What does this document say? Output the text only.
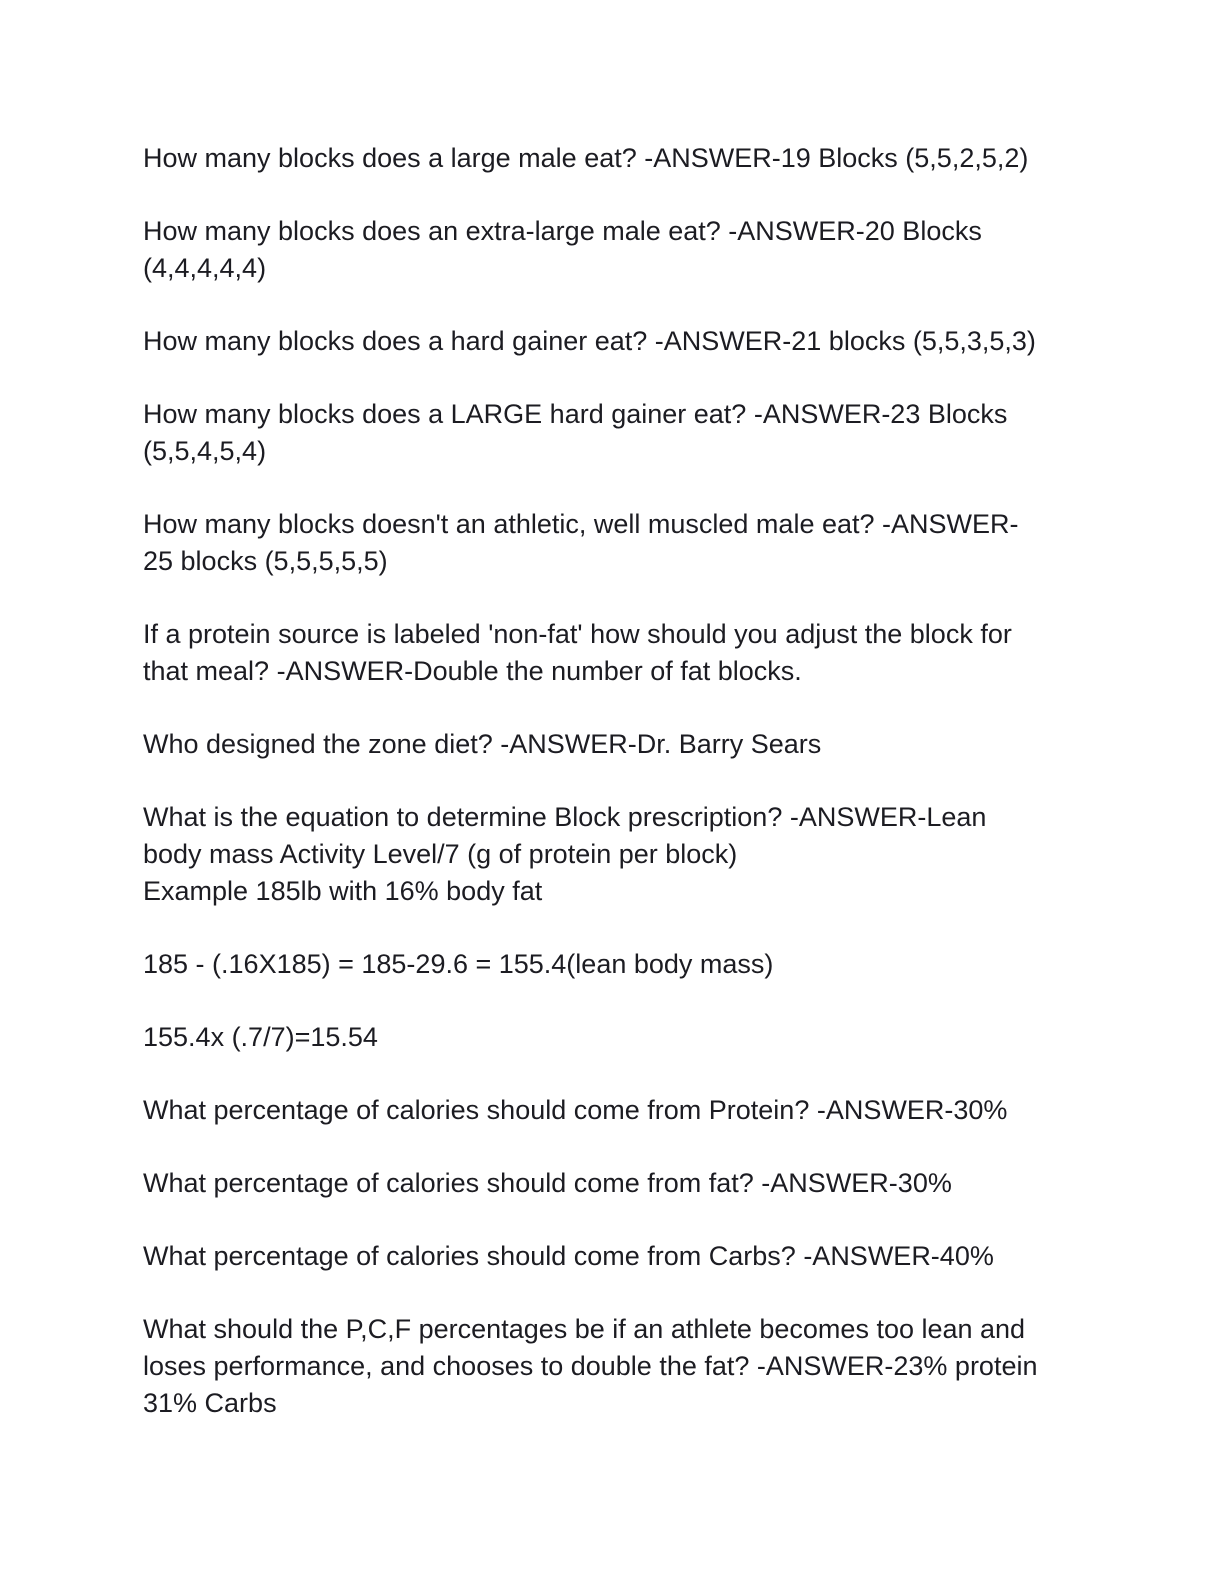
How many blocks does a large male eat? -ANSWER-19 Blocks (5,5,2,5,2)

How many blocks does an extra-large male eat? -ANSWER-20 Blocks
(4,4,4,4,4)

How many blocks does a hard gainer eat? -ANSWER-21 blocks (5,5,3,5,3)

How many blocks does a LARGE hard gainer eat? -ANSWER-23 Blocks
(5,5,4,5,4)

How many blocks doesn't an athletic, well muscled male eat? -ANSWER-
25 blocks (5,5,5,5,5)

If a protein source is labeled 'non-fat' how should you adjust the block for
that meal? -ANSWER-Double the number of fat blocks.

Who designed the zone diet? -ANSWER-Dr. Barry Sears

What is the equation to determine Block prescription? -ANSWER-Lean
body mass Activity Level/7 (g of protein per block)
Example 185lb with 16% body fat

185 - (.16X185) = 185-29.6 = 155.4(lean body mass)

155.4x (.7/7)=15.54

What percentage of calories should come from Protein? -ANSWER-30%

What percentage of calories should come from fat? -ANSWER-30%

What percentage of calories should come from Carbs? -ANSWER-40%

What should the P,C,F percentages be if an athlete becomes too lean and
loses performance, and chooses to double the fat? -ANSWER-23% protein
31% Carbs
